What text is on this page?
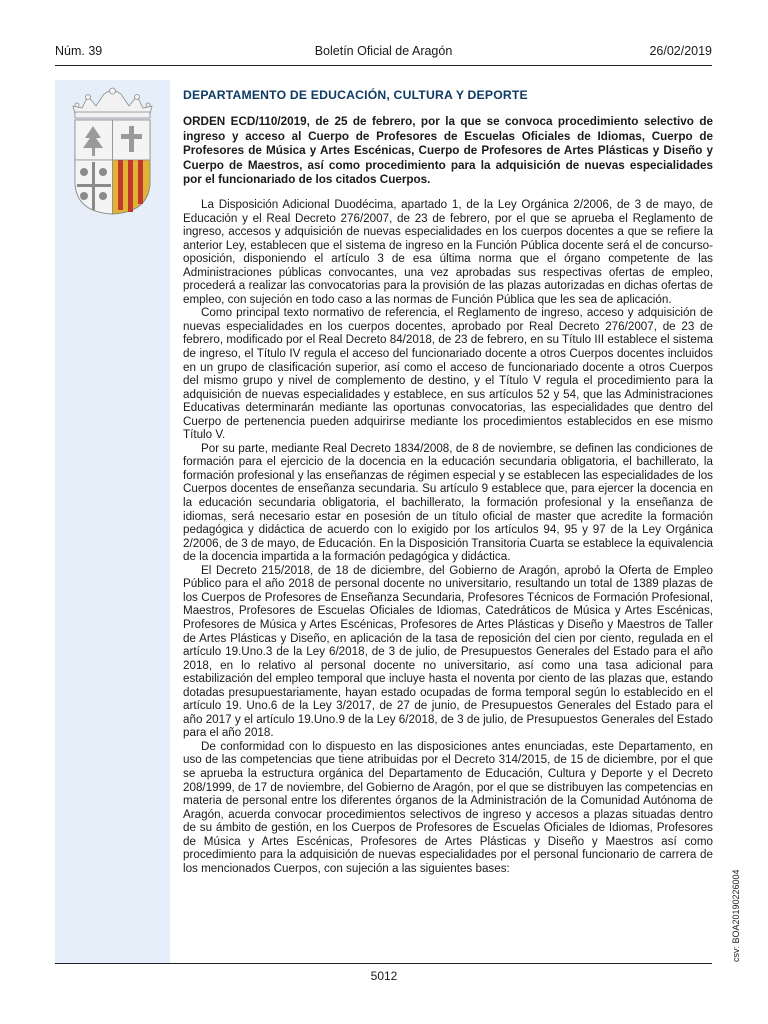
Núm. 39	Boletín Oficial de Aragón	26/02/2019
DEPARTAMENTO DE EDUCACIÓN, CULTURA Y DEPORTE

ORDEN ECD/110/2019, de 25 de febrero, por la que se convoca procedimiento selectivo de ingreso y acceso al Cuerpo de Profesores de Escuelas Oficiales de Idiomas, Cuerpo de Profesores de Música y Artes Escénicas, Cuerpo de Profesores de Artes Plásticas y Diseño y Cuerpo de Maestros, así como procedimiento para la adquisición de nuevas especialidades por el funcionariado de los citados Cuerpos.

La Disposición Adicional Duodécima, apartado 1, de la Ley Orgánica 2/2006, de 3 de mayo, de Educación y el Real Decreto 276/2007, de 23 de febrero, por el que se aprueba el Reglamento de ingreso, accesos y adquisición de nuevas especialidades en los cuerpos docentes a que se refiere la anterior Ley, establecen que el sistema de ingreso en la Función Pública docente será el de concurso-oposición, disponiendo el artículo 3 de esa última norma que el órgano competente de las Administraciones públicas convocantes, una vez aprobadas sus respectivas ofertas de empleo, procederá a realizar las convocatorias para la provisión de las plazas autorizadas en dichas ofertas de empleo, con sujeción en todo caso a las normas de Función Pública que les sea de aplicación.

Como principal texto normativo de referencia, el Reglamento de ingreso, acceso y adquisición de nuevas especialidades en los cuerpos docentes, aprobado por Real Decreto 276/2007, de 23 de febrero, modificado por el Real Decreto 84/2018, de 23 de febrero, en su Título III establece el sistema de ingreso, el Título IV regula el acceso del funcionariado docente a otros Cuerpos docentes incluidos en un grupo de clasificación superior, así como el acceso de funcionariado docente a otros Cuerpos del mismo grupo y nivel de complemento de destino, y el Título V regula el procedimiento para la adquisición de nuevas especialidades y establece, en sus artículos 52 y 54, que las Administraciones Educativas determinarán mediante las oportunas convocatorias, las especialidades que dentro del Cuerpo de pertenencia pueden adquirirse mediante los procedimientos establecidos en ese mismo Título V.

Por su parte, mediante Real Decreto 1834/2008, de 8 de noviembre, se definen las condiciones de formación para el ejercicio de la docencia en la educación secundaria obligatoria, el bachillerato, la formación profesional y las enseñanzas de régimen especial y se establecen las especialidades de los Cuerpos docentes de enseñanza secundaria. Su artículo 9 establece que, para ejercer la docencia en la educación secundaria obligatoria, el bachillerato, la formación profesional y la enseñanza de idiomas, será necesario estar en posesión de un título oficial de master que acredite la formación pedagógica y didáctica de acuerdo con lo exigido por los artículos 94, 95 y 97 de la Ley Orgánica 2/2006, de 3 de mayo, de Educación. En la Disposición Transitoria Cuarta se establece la equivalencia de la docencia impartida a la formación pedagógica y didáctica.

El Decreto 215/2018, de 18 de diciembre, del Gobierno de Aragón, aprobó la Oferta de Empleo Público para el año 2018 de personal docente no universitario, resultando un total de 1389 plazas de los Cuerpos de Profesores de Enseñanza Secundaria, Profesores Técnicos de Formación Profesional, Maestros, Profesores de Escuelas Oficiales de Idiomas, Catedráticos de Música y Artes Escénicas, Profesores de Música y Artes Escénicas, Profesores de Artes Plásticas y Diseño y Maestros de Taller de Artes Plásticas y Diseño, en aplicación de la tasa de reposición del cien por ciento, regulada en el artículo 19.Uno.3 de la Ley 6/2018, de 3 de julio, de Presupuestos Generales del Estado para el año 2018, en lo relativo al personal docente no universitario, así como una tasa adicional para estabilización del empleo temporal que incluye hasta el noventa por ciento de las plazas que, estando dotadas presupuestariamente, hayan estado ocupadas de forma temporal según lo establecido en el artículo 19. Uno.6 de la Ley 3/2017, de 27 de junio, de Presupuestos Generales del Estado para el año 2017 y el artículo 19.Uno.9 de la Ley 6/2018, de 3 de julio, de Presupuestos Generales del Estado para el año 2018.

De conformidad con lo dispuesto en las disposiciones antes enunciadas, este Departamento, en uso de las competencias que tiene atribuidas por el Decreto 314/2015, de 15 de diciembre, por el que se aprueba la estructura orgánica del Departamento de Educación, Cultura y Deporte y el Decreto 208/1999, de 17 de noviembre, del Gobierno de Aragón, por el que se distribuyen las competencias en materia de personal entre los diferentes órganos de la Administración de la Comunidad Autónoma de Aragón, acuerda convocar procedimientos selectivos de ingreso y accesos a plazas situadas dentro de su ámbito de gestión, en los Cuerpos de Profesores de Escuelas Oficiales de Idiomas, Profesores de Música y Artes Escénicas, Profesores de Artes Plásticas y Diseño y Maestros así como procedimiento para la adquisición de nuevas especialidades por el personal funcionario de carrera de los mencionados Cuerpos, con sujeción a las siguientes bases:

5012
csv: BOA20190226004
